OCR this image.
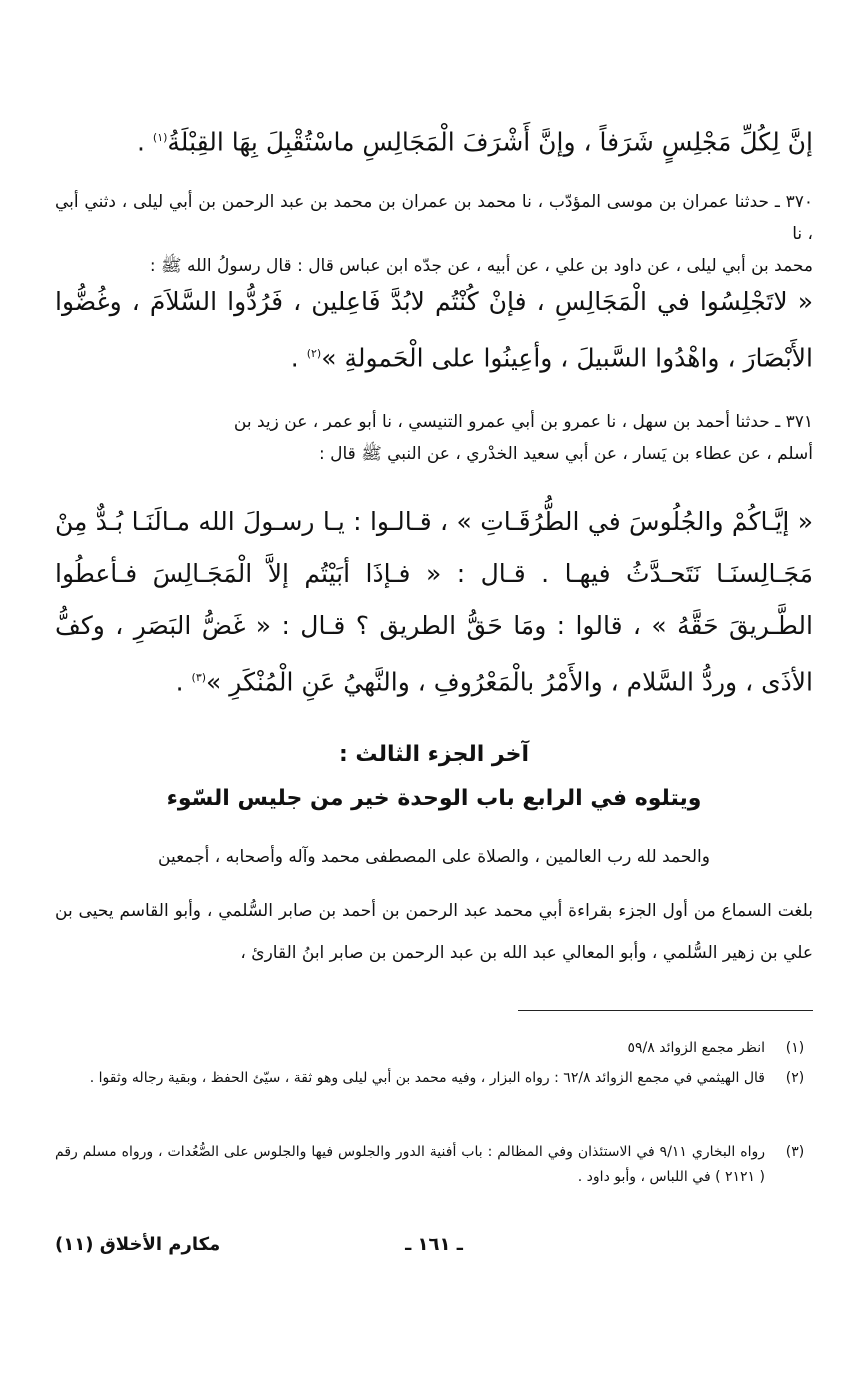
إنَّ لِكُلِّ مَجْلِسٍ شَرَفاً ، وإنَّ أَشْرَفَ الْمَجَالِسِ ماسْتُقْبِلَ بِهَا القِبْلَةُ$^{(١)}$ .
٣٧٠ ـ حدثنا عمران بن موسى المؤدّب ، نا محمد بن عمران بن محمد بن عبد الرحمن بن أبي ليلى ، دثني أبي ، نا
محمد بن أبي ليلى ، عن داود بن علي ، عن أبيه ، عن جدّه ابن عباس قال : قال رسولُ الله ﷺ :
« لاتَجْلِسُوا في الْمَجَالِسِ ، فإنْ كُنْتُم لابُدَّ فَاعِلين ، فَرُدُّوا السَّلاَمَ ، وغُضُّوا الأَبْصَارَ ، واهْدُوا السَّبيلَ ، وأعِينُوا على الْحَمولةِ »$^{(٢)}$ .
٣٧١ ـ حدثنا أحمد بن سهل ، نا عمرو بن أبي عمرو التنيسي ، نا أبو عمر ، عن زيد بن
أسلم ، عن عطاء بن يَسار ، عن أبي سعيد الخدْري ، عن النبي ﷺ قال :
« إيَّـاكُمْ والجُلُوسَ في الطُّرُقَـاتِ » ، قـالـوا : يـا رسـولَ الله مـالَنَـا بُـدٌّ مِنْ مَجَـالِسنَـا نَتَحـدَّثُ فيهـا . قـال : « فـإذَا أبَيْتُم إلاَّ الْمَجَـالِسَ فـأعطُوا الطَّـريقَ حَقَّهُ » ، قالوا : ومَا حَقُّ الطريق ؟ قـال : « غَضُّ البَصَرِ ، وكفُّ الأذَى ، وردُّ السَّلام ، والأَمْرُ بالْمَعْرُوفِ ، والنَّهيُ عَنِ الْمُنْكَرِ »$^{(٣)}$ .
آخر الجزء الثالث :
ويتلوه في الرابع باب الوحدة خير من جليس السّوء
والحمد لله رب العالمين ، والصلاة على المصطفى محمد وآله وأصحابه ، أجمعين
بلغت السماع من أول الجزء بقراءة أبي محمد عبد الرحمن بن أحمد بن صابر السُّلمي ، وأبو القاسم يحيى بن علي بن زهير السُّلمي ، وأبو المعالي عبد الله بن عبد الرحمن بن صابر ابنُ القارئ ،
(١)
انظر مجمع الزوائد ٥٩/٨
(٢)
قال الهيثمي في مجمع الزوائد ٦٢/٨ : رواه البزار ، وفيه محمد بن أبي ليلى وهو ثقة ، سيّئ الحفظ ، وبقية رجاله وثقوا .
(٣)
رواه البخاري ٩/١١ في الاستئذان وفي المظالم : باب أفنية الدور والجلوس فيها والجلوس على الصُّعُدات ، ورواه مسلم رقم ( ٢١٢١ ) في اللباس ، وأبو داود .
ـ ١٦١ ـ
مكارم الأخلاق (١١)
